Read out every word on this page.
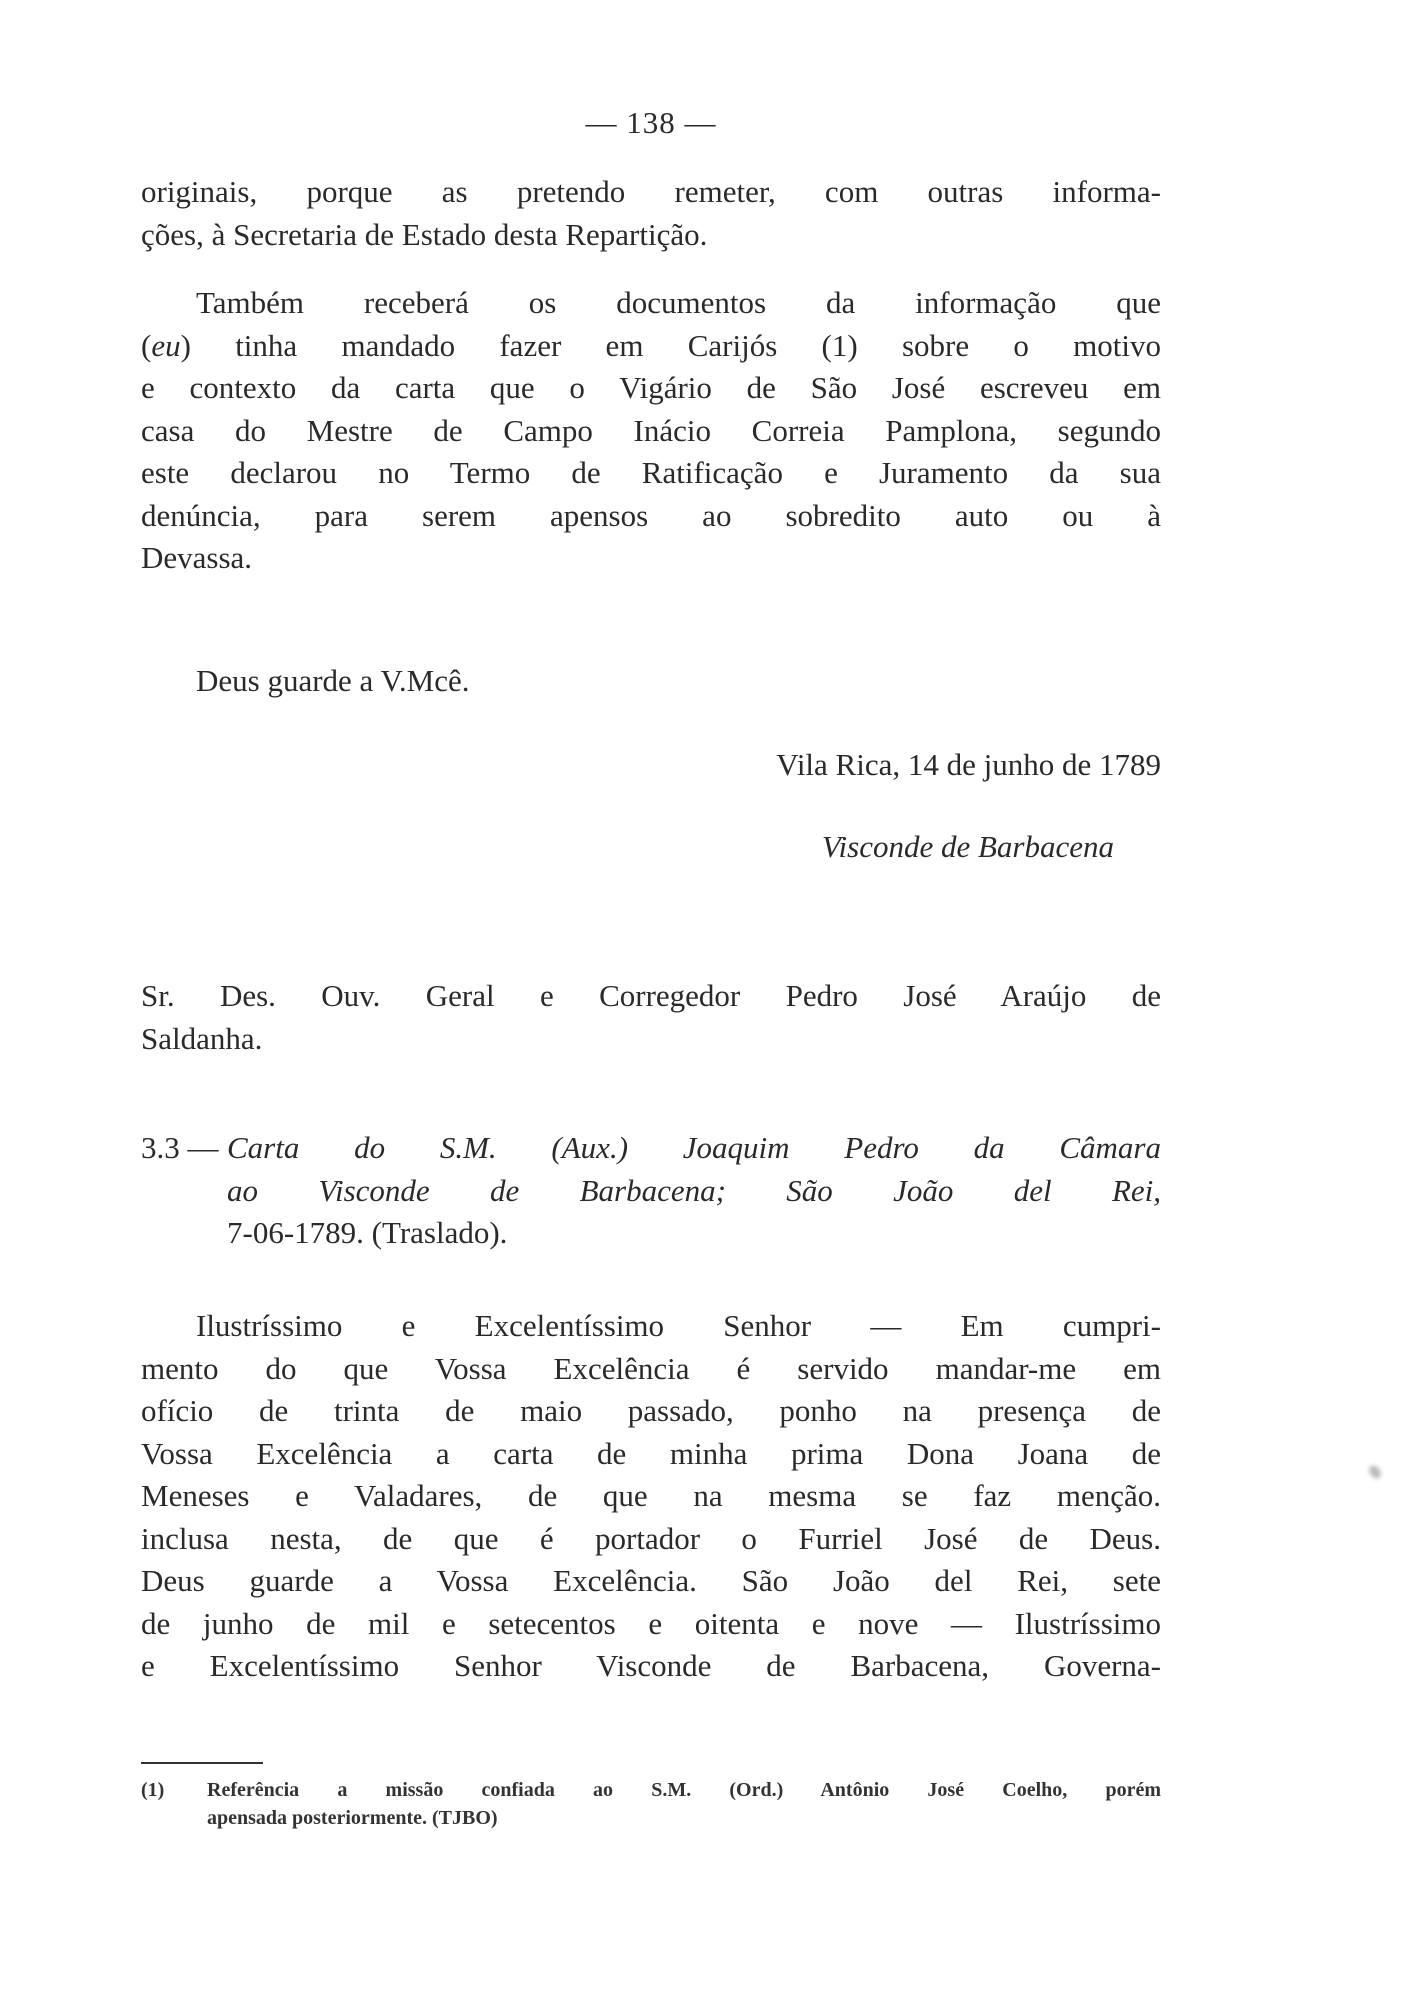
— 138 —
originais, porque as pretendo remeter, com outras informa-
ções, à Secretaria de Estado desta Repartição.
Também receberá os documentos da informação que
(eu) tinha mandado fazer em Carijós (1) sobre o motivo
e contexto da carta que o Vigário de São José escreveu em
casa do Mestre de Campo Inácio Correia Pamplona, segundo
este declarou no Termo de Ratificação e Juramento da sua
denúncia, para serem apensos ao sobredito auto ou à
Devassa.
Deus guarde a V.Mcê.
Vila Rica, 14 de junho de 1789
Visconde de Barbacena
Sr. Des. Ouv. Geral e Corregedor Pedro José Araújo de
Saldanha.
3.3 — Carta do S.M. (Aux.) Joaquim Pedro da Câmara
ao Visconde de Barbacena; São João del Rei,
7-06-1789. (Traslado).
Ilustríssimo e Excelentíssimo Senhor — Em cumpri-
mento do que Vossa Excelência é servido mandar-me em
ofício de trinta de maio passado, ponho na presença de
Vossa Excelência a carta de minha prima Dona Joana de
Meneses e Valadares, de que na mesma se faz menção.
inclusa nesta, de que é portador o Furriel José de Deus.
Deus guarde a Vossa Excelência. São João del Rei, sete
de junho de mil e setecentos e oitenta e nove — Ilustríssimo
e Excelentíssimo Senhor Visconde de Barbacena, Governa-
(1) Referência a missão confiada ao S.M. (Ord.) Antônio José Coelho, porém
apensada posteriormente. (TJBO)
